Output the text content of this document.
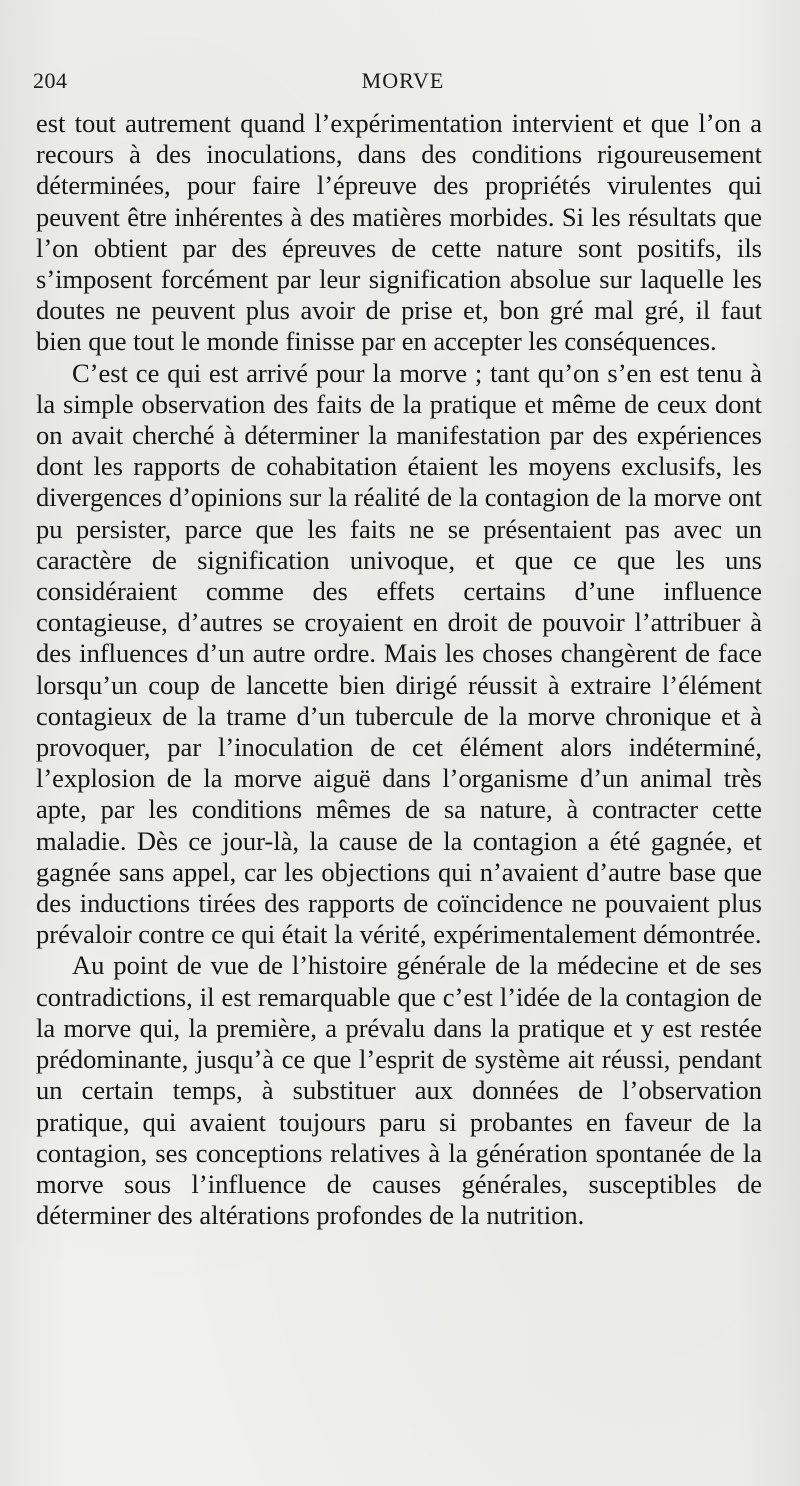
204	MORVE

est tout autrement quand l’expérimentation intervient et que l’on a recours à des inoculations, dans des conditions rigoureusement déterminées, pour faire l’épreuve des propriétés virulentes qui peuvent être inhérentes à des matières morbides. Si les résultats que l’on obtient par des épreuves de cette nature sont positifs, ils s’imposent forcément par leur signification absolue sur laquelle les doutes ne peuvent plus avoir de prise et, bon gré mal gré, il faut bien que tout le monde finisse par en accepter les conséquences.

C’est ce qui est arrivé pour la morve ; tant qu’on s’en est tenu à la simple observation des faits de la pratique et même de ceux dont on avait cherché à déterminer la manifestation par des expériences dont les rapports de cohabitation étaient les moyens exclusifs, les divergences d’opinions sur la réalité de la contagion de la morve ont pu persister, parce que les faits ne se présentaient pas avec un caractère de signification univoque, et que ce que les uns considéraient comme des effets certains d’une influence contagieuse, d’autres se croyaient en droit de pouvoir l’attribuer à des influences d’un autre ordre. Mais les choses changèrent de face lorsqu’un coup de lancette bien dirigé réussit à extraire l’élément contagieux de la trame d’un tubercule de la morve chronique et à provoquer, par l’inoculation de cet élément alors indéterminé, l’explosion de la morve aiguë dans l’organisme d’un animal très apte, par les conditions mêmes de sa nature, à contracter cette maladie. Dès ce jour-là, la cause de la contagion a été gagnée, et gagnée sans appel, car les objections qui n’avaient d’autre base que des inductions tirées des rapports de coïncidence ne pouvaient plus prévaloir contre ce qui était la vérité, expérimentalement démontrée.

Au point de vue de l’histoire générale de la médecine et de ses contradictions, il est remarquable que c’est l’idée de la contagion de la morve qui, la première, a prévalu dans la pratique et y est restée prédominante, jusqu’à ce que l’esprit de système ait réussi, pendant un certain temps, à substituer aux données de l’observation pratique, qui avaient toujours paru si probantes en faveur de la contagion, ses conceptions relatives à la génération spontanée de la morve sous l’influence de causes générales, susceptibles de déterminer des altérations profondes de la nutrition.
